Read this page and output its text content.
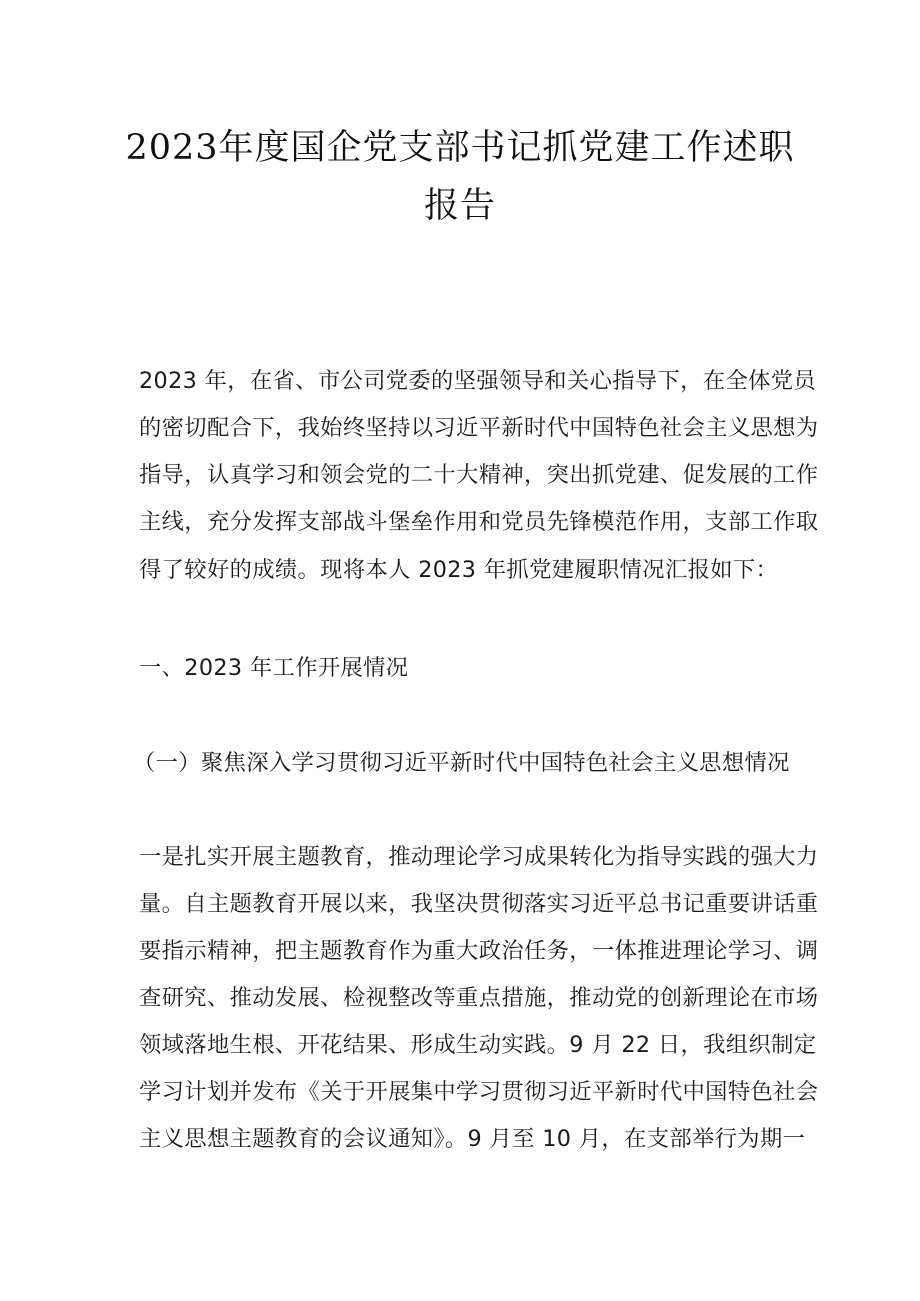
2023年度国企党支部书记抓党建工作述职
报告
2023 年，在省、市公司党委的坚强领导和关心指导下，在全体党员
的密切配合下，我始终坚持以习近平新时代中国特色社会主义思想为
指导，认真学习和领会党的二十大精神，突出抓党建、促发展的工作
主线，充分发挥支部战斗堡垒作用和党员先锋模范作用，支部工作取
得了较好的成绩。现将本人 2023 年抓党建履职情况汇报如下：
一、2023 年工作开展情况
（一）聚焦深入学习贯彻习近平新时代中国特色社会主义思想情况
一是扎实开展主题教育，推动理论学习成果转化为指导实践的强大力
量。自主题教育开展以来，我坚决贯彻落实习近平总书记重要讲话重
要指示精神，把主题教育作为重大政治任务，一体推进理论学习、调
查研究、推动发展、检视整改等重点措施，推动党的创新理论在市场
领域落地生根、开花结果、形成生动实践。9 月 22 日，我组织制定
学习计划并发布《关于开展集中学习贯彻习近平新时代中国特色社会
主义思想主题教育的会议通知》。9 月至 10 月，在支部举行为期一
